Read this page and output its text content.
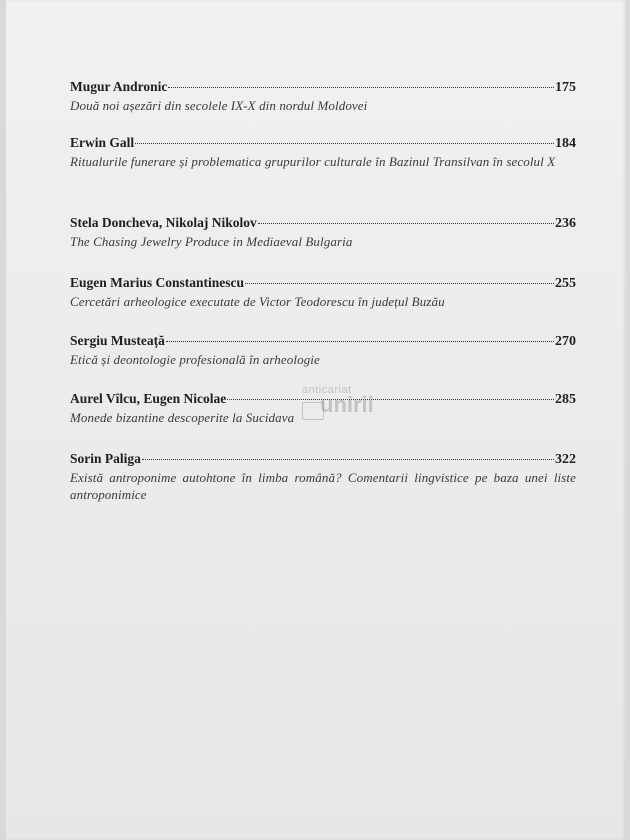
Mugur Andronic	175
Două noi așezări din secolele IX-X din nordul Moldovei
Erwin Gall	184
Ritualurile funerare și problematica grupurilor culturale în Bazinul Transilvan în secolul X
Stela Doncheva, Nikolaj Nikolov	236
The Chasing Jewelry Produce in Mediaeval Bulgaria
Eugen Marius Constantinescu	255
Cercetări arheologice executate de Victor Teodorescu în județul Buzău
Sergiu Musteață	270
Etică și deontologie profesională în arheologie
Aurel Vîlcu, Eugen Nicolae	285
Monede bizantine descoperite la Sucidava
Sorin Paliga	322
Există antroponime autohtone în limba română? Comentarii lingvistice pe baza unei liste antroponimice
anticariat
unirii
